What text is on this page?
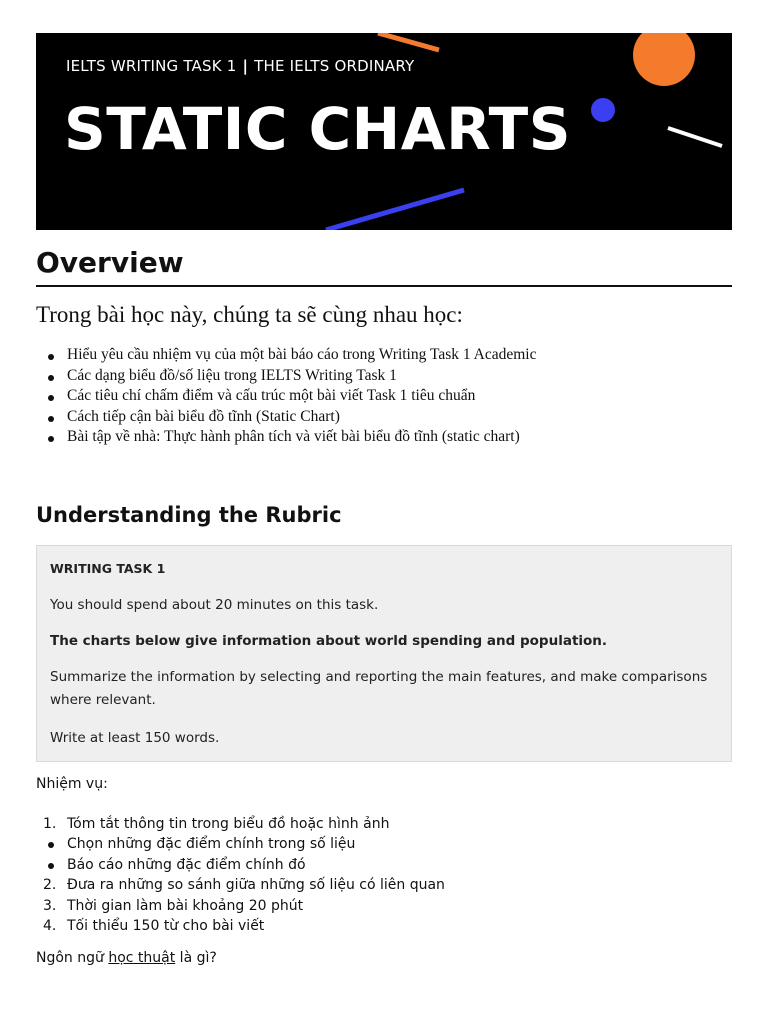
IELTS WRITING TASK 1 | THE IELTS ORDINARY
STATIC CHARTS
Overview

Trong bài học này, chúng ta sẽ cùng nhau học:

Hiểu yêu cầu nhiệm vụ của một bài báo cáo trong Writing Task 1 Academic
Các dạng biểu đồ/số liệu trong IELTS Writing Task 1
Các tiêu chí chấm điểm và cấu trúc một bài viết Task 1 tiêu chuẩn
Cách tiếp cận bài biểu đồ tĩnh (Static Chart)
Bài tập về nhà: Thực hành phân tích và viết bài biểu đồ tĩnh (static chart)
Understanding the Rubric

WRITING TASK 1

You should spend about 20 minutes on this task.

The charts below give information about world spending and population.

Summarize the information by selecting and reporting the main features, and make comparisons where relevant.

Write at least 150 words.

Nhiệm vụ:

1. Tóm tắt thông tin trong biểu đồ hoặc hình ảnh
Chọn những đặc điểm chính trong số liệu
Báo cáo những đặc điểm chính đó
2. Đưa ra những so sánh giữa những số liệu có liên quan
3. Thời gian làm bài khoảng 20 phút
4. Tối thiểu 150 từ cho bài viết

Ngôn ngữ học thuật là gì?
